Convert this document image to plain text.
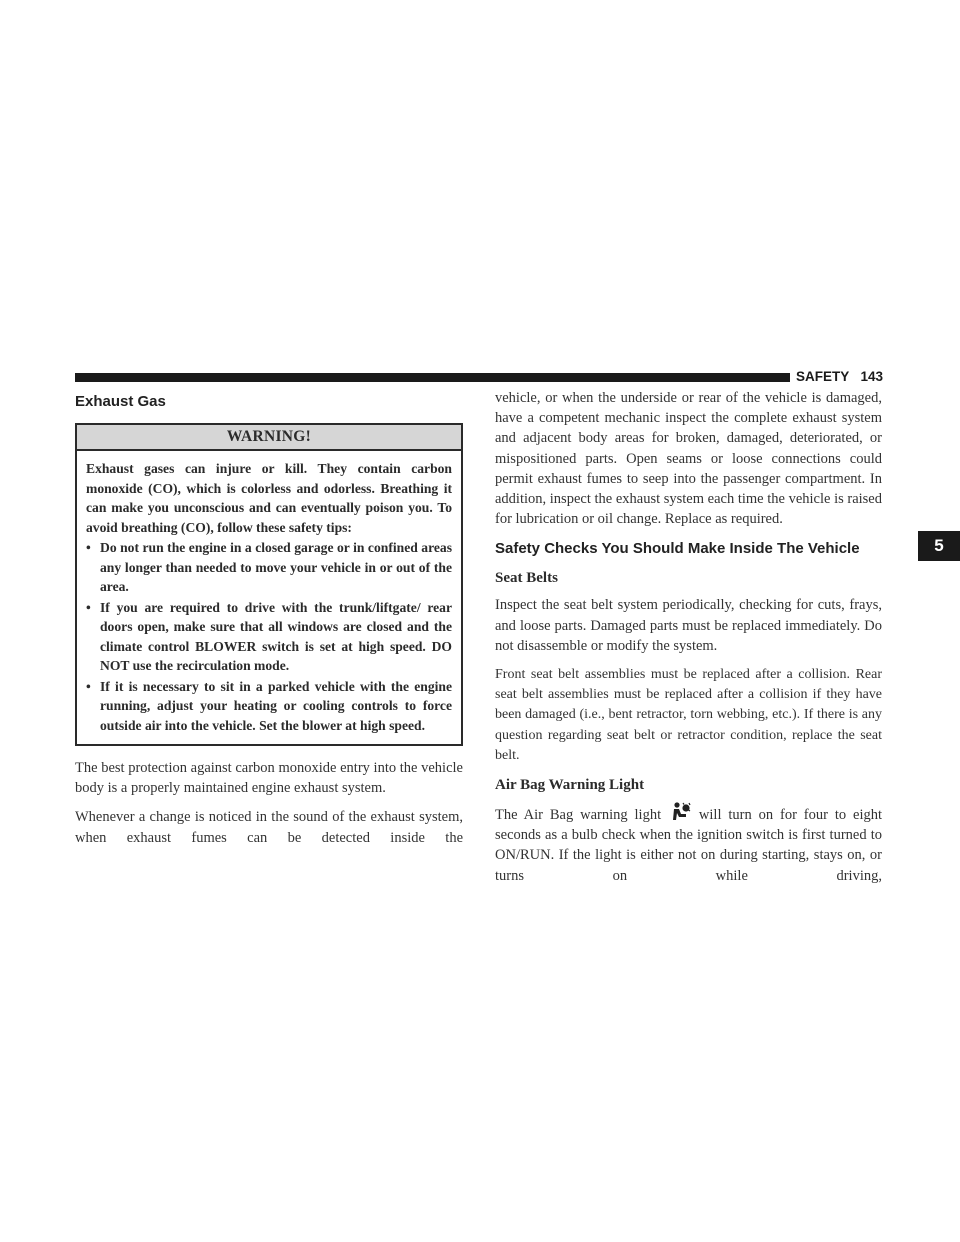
SAFETY 143
5
Exhaust Gas
WARNING!

Exhaust gases can injure or kill. They contain carbon monoxide (CO), which is colorless and odorless. Breathing it can make you unconscious and can eventually poison you. To avoid breathing (CO), follow these safety tips:

• Do not run the engine in a closed garage or in confined areas any longer than needed to move your vehicle in or out of the area.
• If you are required to drive with the trunk/liftgate/ rear doors open, make sure that all windows are closed and the climate control BLOWER switch is set at high speed. DO NOT use the recirculation mode.
• If it is necessary to sit in a parked vehicle with the engine running, adjust your heating or cooling controls to force outside air into the vehicle. Set the blower at high speed.

The best protection against carbon monoxide entry into the vehicle body is a properly maintained engine exhaust system.

Whenever a change is noticed in the sound of the exhaust system, when exhaust fumes can be detected inside the

vehicle, or when the underside or rear of the vehicle is damaged, have a competent mechanic inspect the complete exhaust system and adjacent body areas for broken, damaged, deteriorated, or mispositioned parts. Open seams or loose connections could permit exhaust fumes to seep into the passenger compartment. In addition, inspect the exhaust system each time the vehicle is raised for lubrication or oil change. Replace as required.

Safety Checks You Should Make Inside The Vehicle
Seat Belts

Inspect the seat belt system periodically, checking for cuts, frays, and loose parts. Damaged parts must be replaced immediately. Do not disassemble or modify the system.

Front seat belt assemblies must be replaced after a collision. Rear seat belt assemblies must be replaced after a collision if they have been damaged (i.e., bent retractor, torn webbing, etc.). If there is any question regarding seat belt or retractor condition, replace the seat belt.

Air Bag Warning Light

The Air Bag warning light	will turn on for four to eight seconds as a bulb check when the ignition switch is first turned to ON/RUN. If the light is either not on during starting, stays on, or turns on while driving,
